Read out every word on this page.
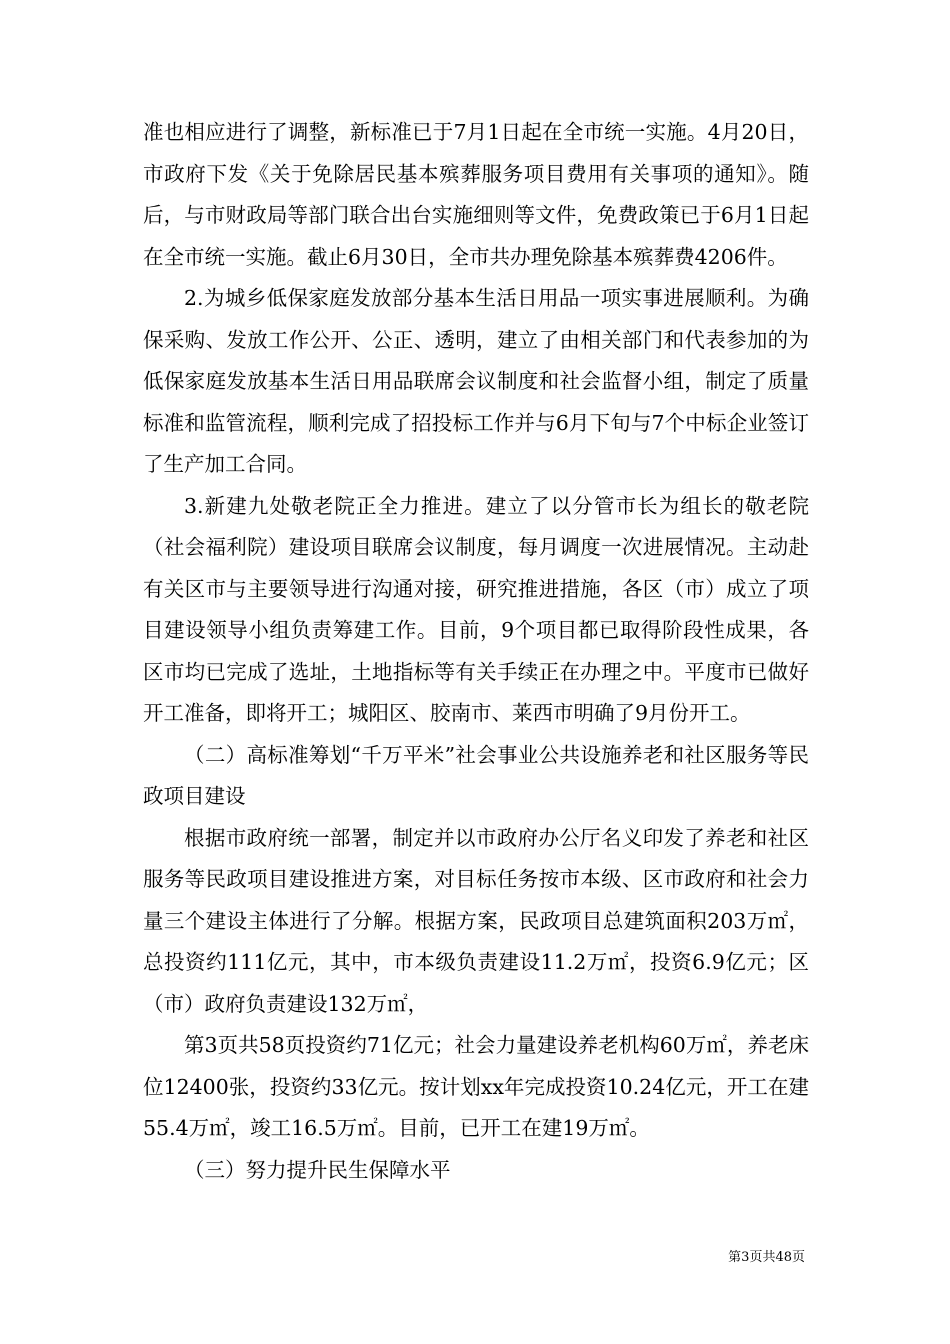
准也相应进行了调整，新标准已于7月1日起在全市统一实施。4月20日，市政府下发《关于免除居民基本殡葬服务项目费用有关事项的通知》。随后，与市财政局等部门联合出台实施细则等文件，免费政策已于6月1日起在全市统一实施。截止6月30日，全市共办理免除基本殡葬费4206件。

2.为城乡低保家庭发放部分基本生活日用品一项实事进展顺利。为确保采购、发放工作公开、公正、透明，建立了由相关部门和代表参加的为低保家庭发放基本生活日用品联席会议制度和社会监督小组，制定了质量标准和监管流程，顺利完成了招投标工作并与6月下旬与7个中标企业签订了生产加工合同。

3.新建九处敬老院正全力推进。建立了以分管市长为组长的敬老院（社会福利院）建设项目联席会议制度，每月调度一次进展情况。主动赴有关区市与主要领导进行沟通对接，研究推进措施，各区（市）成立了项目建设领导小组负责筹建工作。目前，9个项目都已取得阶段性成果，各区市均已完成了选址，土地指标等有关手续正在办理之中。平度市已做好开工准备，即将开工；城阳区、胶南市、莱西市明确了9月份开工。

（二）高标准筹划“千万平米”社会事业公共设施养老和社区服务等民政项目建设

根据市政府统一部署，制定并以市政府办公厅名义印发了养老和社区服务等民政项目建设推进方案，对目标任务按市本级、区市政府和社会力量三个建设主体进行了分解。根据方案，民政项目总建筑面积203万㎡，总投资约111亿元，其中，市本级负责建设11.2万㎡，投资6.9亿元；区（市）政府负责建设132万㎡，

第3页共58页投资约71亿元；社会力量建设养老机构60万㎡，养老床位12400张，投资约33亿元。按计划xx年完成投资10.24亿元，开工在建55.4万㎡，竣工16.5万㎡。目前，已开工在建19万㎡。

（三）努力提升民生保障水平

第3页共48页
